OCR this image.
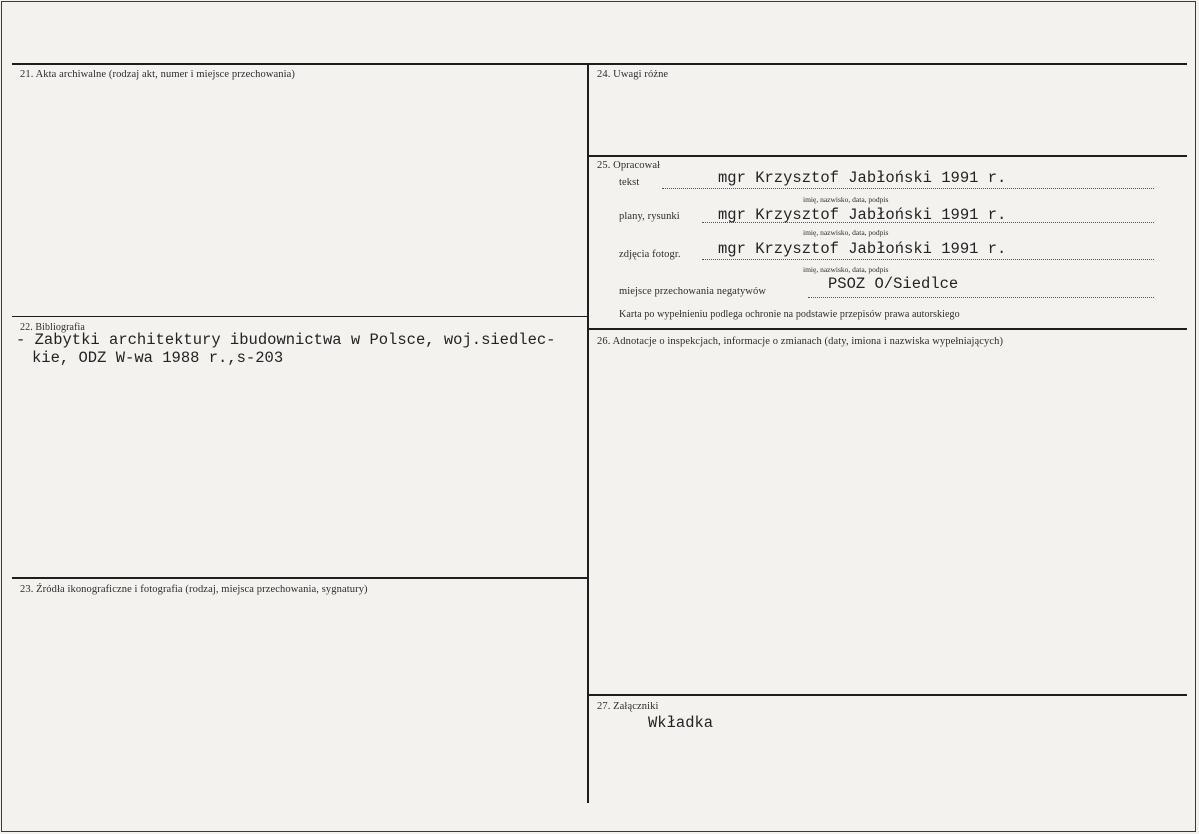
21. Akta archiwalne (rodzaj akt, numer i miejsce przechowania)
22. Bibliografia
- Zabytki architektury ibudownictwa w Polsce, woj.siedlec-
kie, ODZ W-wa 1988 r.,s-203
23. Źródła ikonograficzne i fotografia (rodzaj, miejsca przechowania, sygnatury)
24. Uwagi różne
25. Opracował
tekst	mgr Krzysztof Jabłoński 1991 r.
imię, nazwisko, data, podpis
plany, rysunki mgr Krzysztof Jabłoński 1991 r.
imię, nazwisko, data, podpis
zdjęcia fotogr. mgr Krzysztof Jabłoński 1991 r.
imię, nazwisko, data, podpis
miejsce przechowania negatywów	PSOZ O/Siedlce
Karta po wypełnieniu podlega ochronie na podstawie przepisów prawa autorskiego
26. Adnotacje o inspekcjach, informacje o zmianach (daty, imiona i nazwiska wypełniających)
27. Załączniki
Wkładka
